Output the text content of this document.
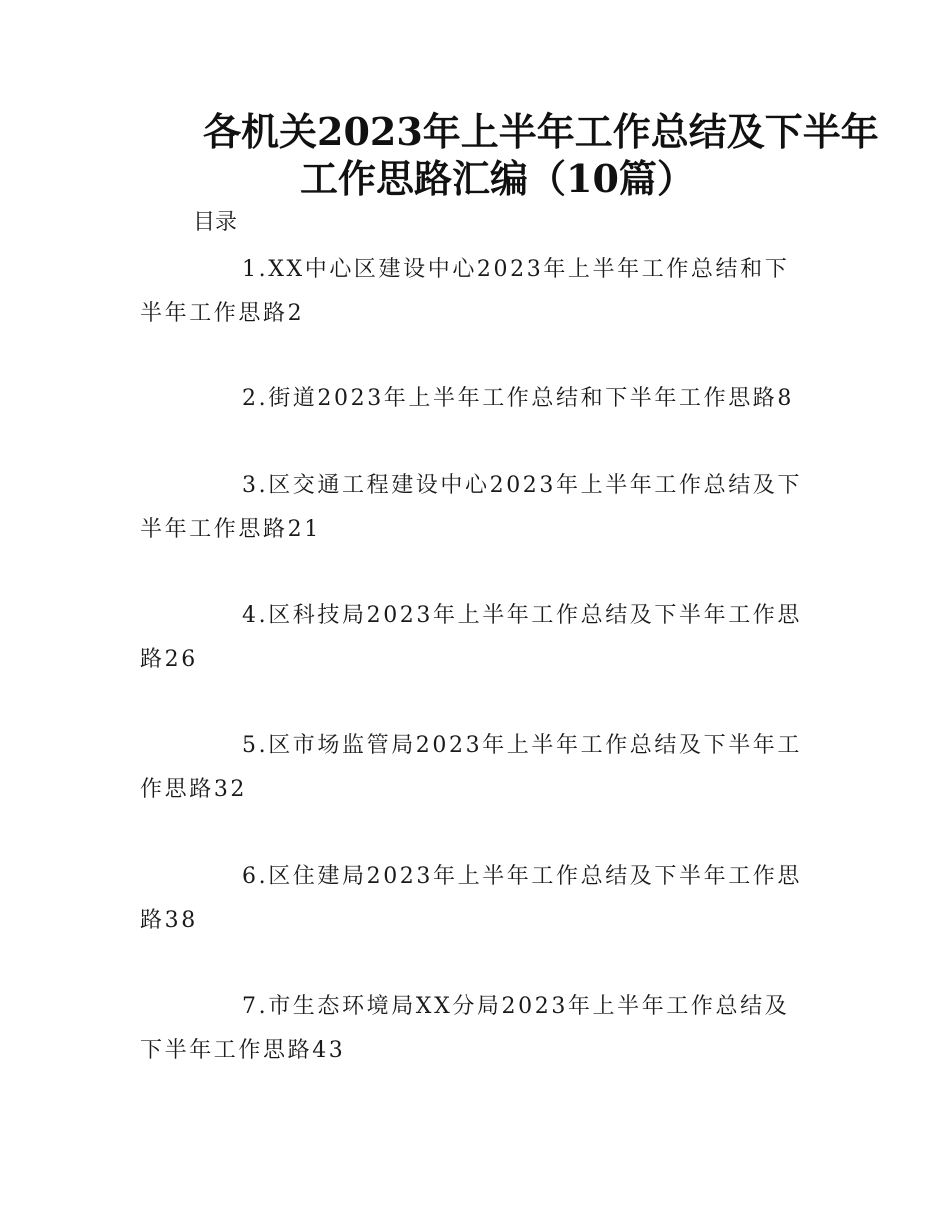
各机关2023年上半年工作总结及下半年
工作思路汇编（10篇）
目录
1.XX中心区建设中心2023年上半年工作总结和下半年工作思路2
2.街道2023年上半年工作总结和下半年工作思路8
3.区交通工程建设中心2023年上半年工作总结及下半年工作思路21
4.区科技局2023年上半年工作总结及下半年工作思路26
5.区市场监管局2023年上半年工作总结及下半年工作思路32
6.区住建局2023年上半年工作总结及下半年工作思路38
7.市生态环境局XX分局2023年上半年工作总结及下半年工作思路43
